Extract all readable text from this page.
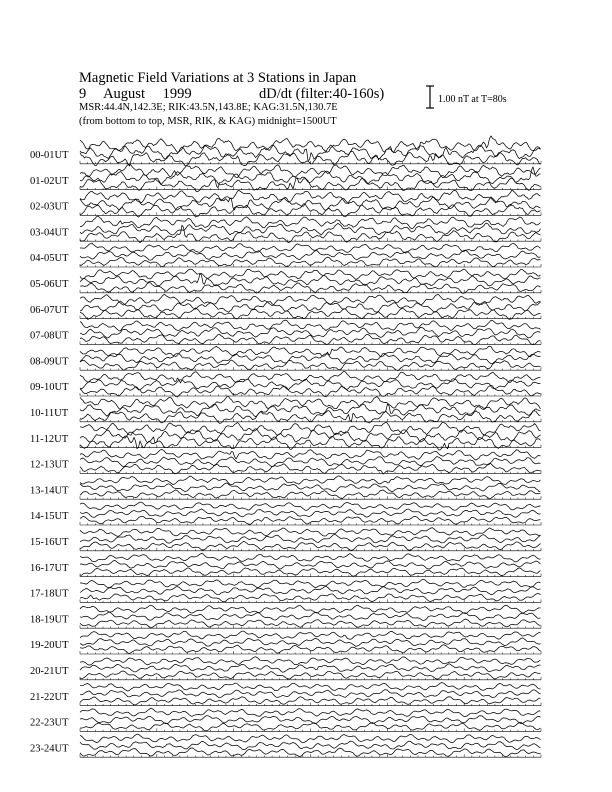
Magnetic Field Variations at 3 Stations in Japan
9 August 1999	dD/dt (filter:40-160s)
MSR:44.4N,142.3E; RIK:43.5N,143.8E; KAG:31.5N,130.7E
(from bottom to top, MSR, RIK, & KAG) midnight=1500UT
1.00 nT at T=80s
00-01UT
01-02UT
02-03UT
03-04UT
04-05UT
05-06UT
06-07UT
07-08UT
08-09UT
09-10UT
10-11UT
11-12UT
12-13UT
13-14UT
14-15UT
15-16UT
16-17UT
17-18UT
18-19UT
19-20UT
20-21UT
21-22UT
22-23UT
23-24UT
